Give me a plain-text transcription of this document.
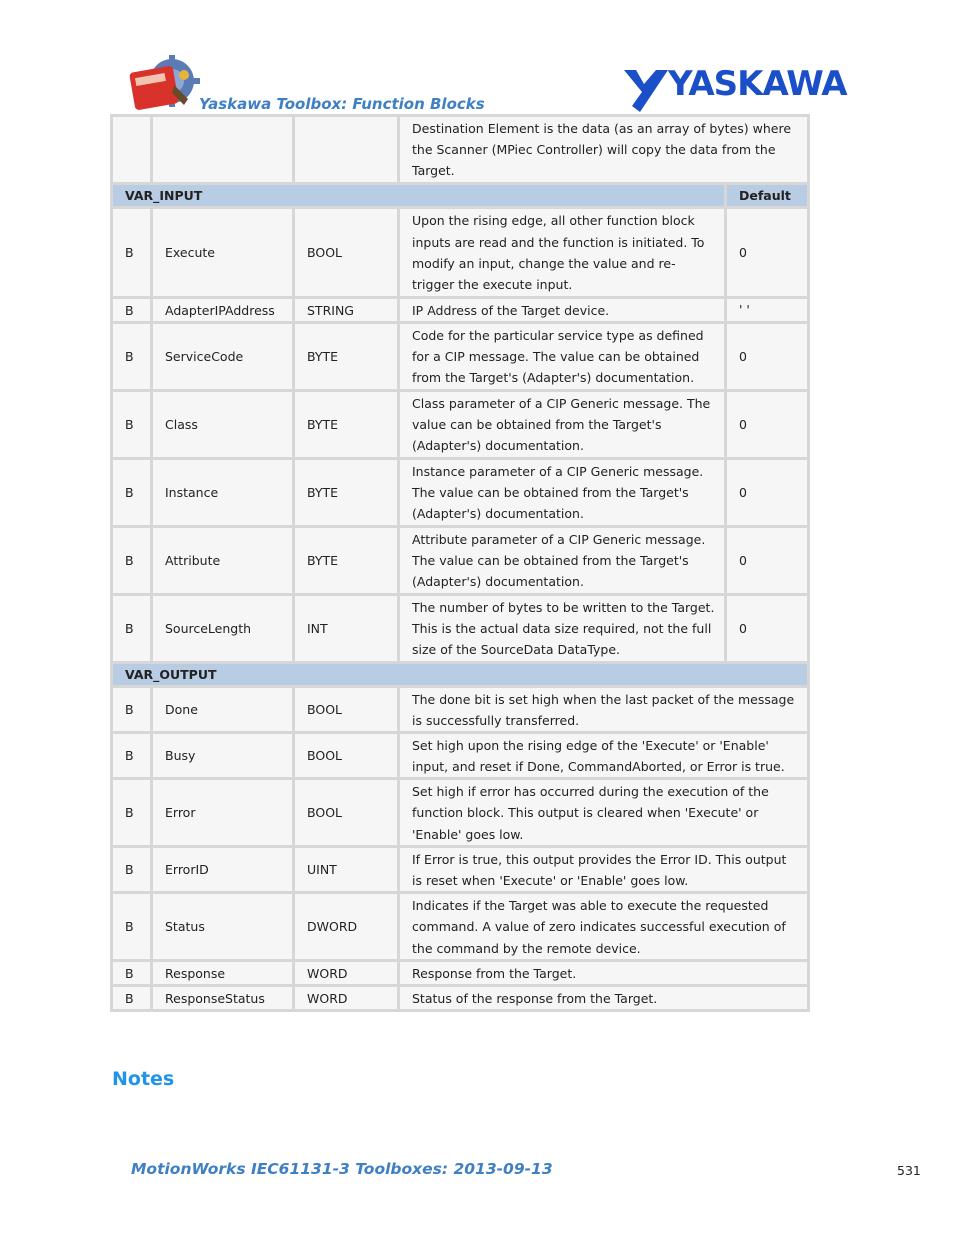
Yaskawa Toolbox: Function Blocks	YASKAWA
			Destination Element is the data (as an array of bytes) where the Scanner (MPiec Controller) will copy the data from the Target.	
VAR_INPUT				Default
B	Execute	BOOL	Upon the rising edge, all other function block inputs are read and the function is initiated. To modify an input, change the value and re-trigger the execute input.	0
B	AdapterIPAddress	STRING	IP Address of the Target device.	' '
B	ServiceCode	BYTE	Code for the particular service type as defined for a CIP message. The value can be obtained from the Target's (Adapter's) documentation.	0
B	Class	BYTE	Class parameter of a CIP Generic message. The value can be obtained from the Target's (Adapter's) documentation.	0
B	Instance	BYTE	Instance parameter of a CIP Generic message. The value can be obtained from the Target's (Adapter's) documentation.	0
B	Attribute	BYTE	Attribute parameter of a CIP Generic message. The value can be obtained from the Target's (Adapter's) documentation.	0
B	SourceLength	INT	The number of bytes to be written to the Target. This is the actual data size required, not the full size of the SourceData DataType.	0
VAR_OUTPUT				
B	Done	BOOL	The done bit is set high when the last packet of the message is successfully transferred.	
B	Busy	BOOL	Set high upon the rising edge of the 'Execute' or 'Enable' input, and reset if Done, CommandAborted, or Error is true.	
B	Error	BOOL	Set high if error has occurred during the execution of the function block. This output is cleared when 'Execute' or 'Enable' goes low.	
B	ErrorID	UINT	If Error is true, this output provides the Error ID. This output is reset when 'Execute' or 'Enable' goes low.	
B	Status	DWORD	Indicates if the Target was able to execute the requested command. A value of zero indicates successful execution of the command by the remote device.	
B	Response	WORD	Response from the Target.	
B	ResponseStatus	WORD	Status of the response from the Target.	
Notes
MotionWorks IEC61131-3 Toolboxes: 2013-09-13	531
